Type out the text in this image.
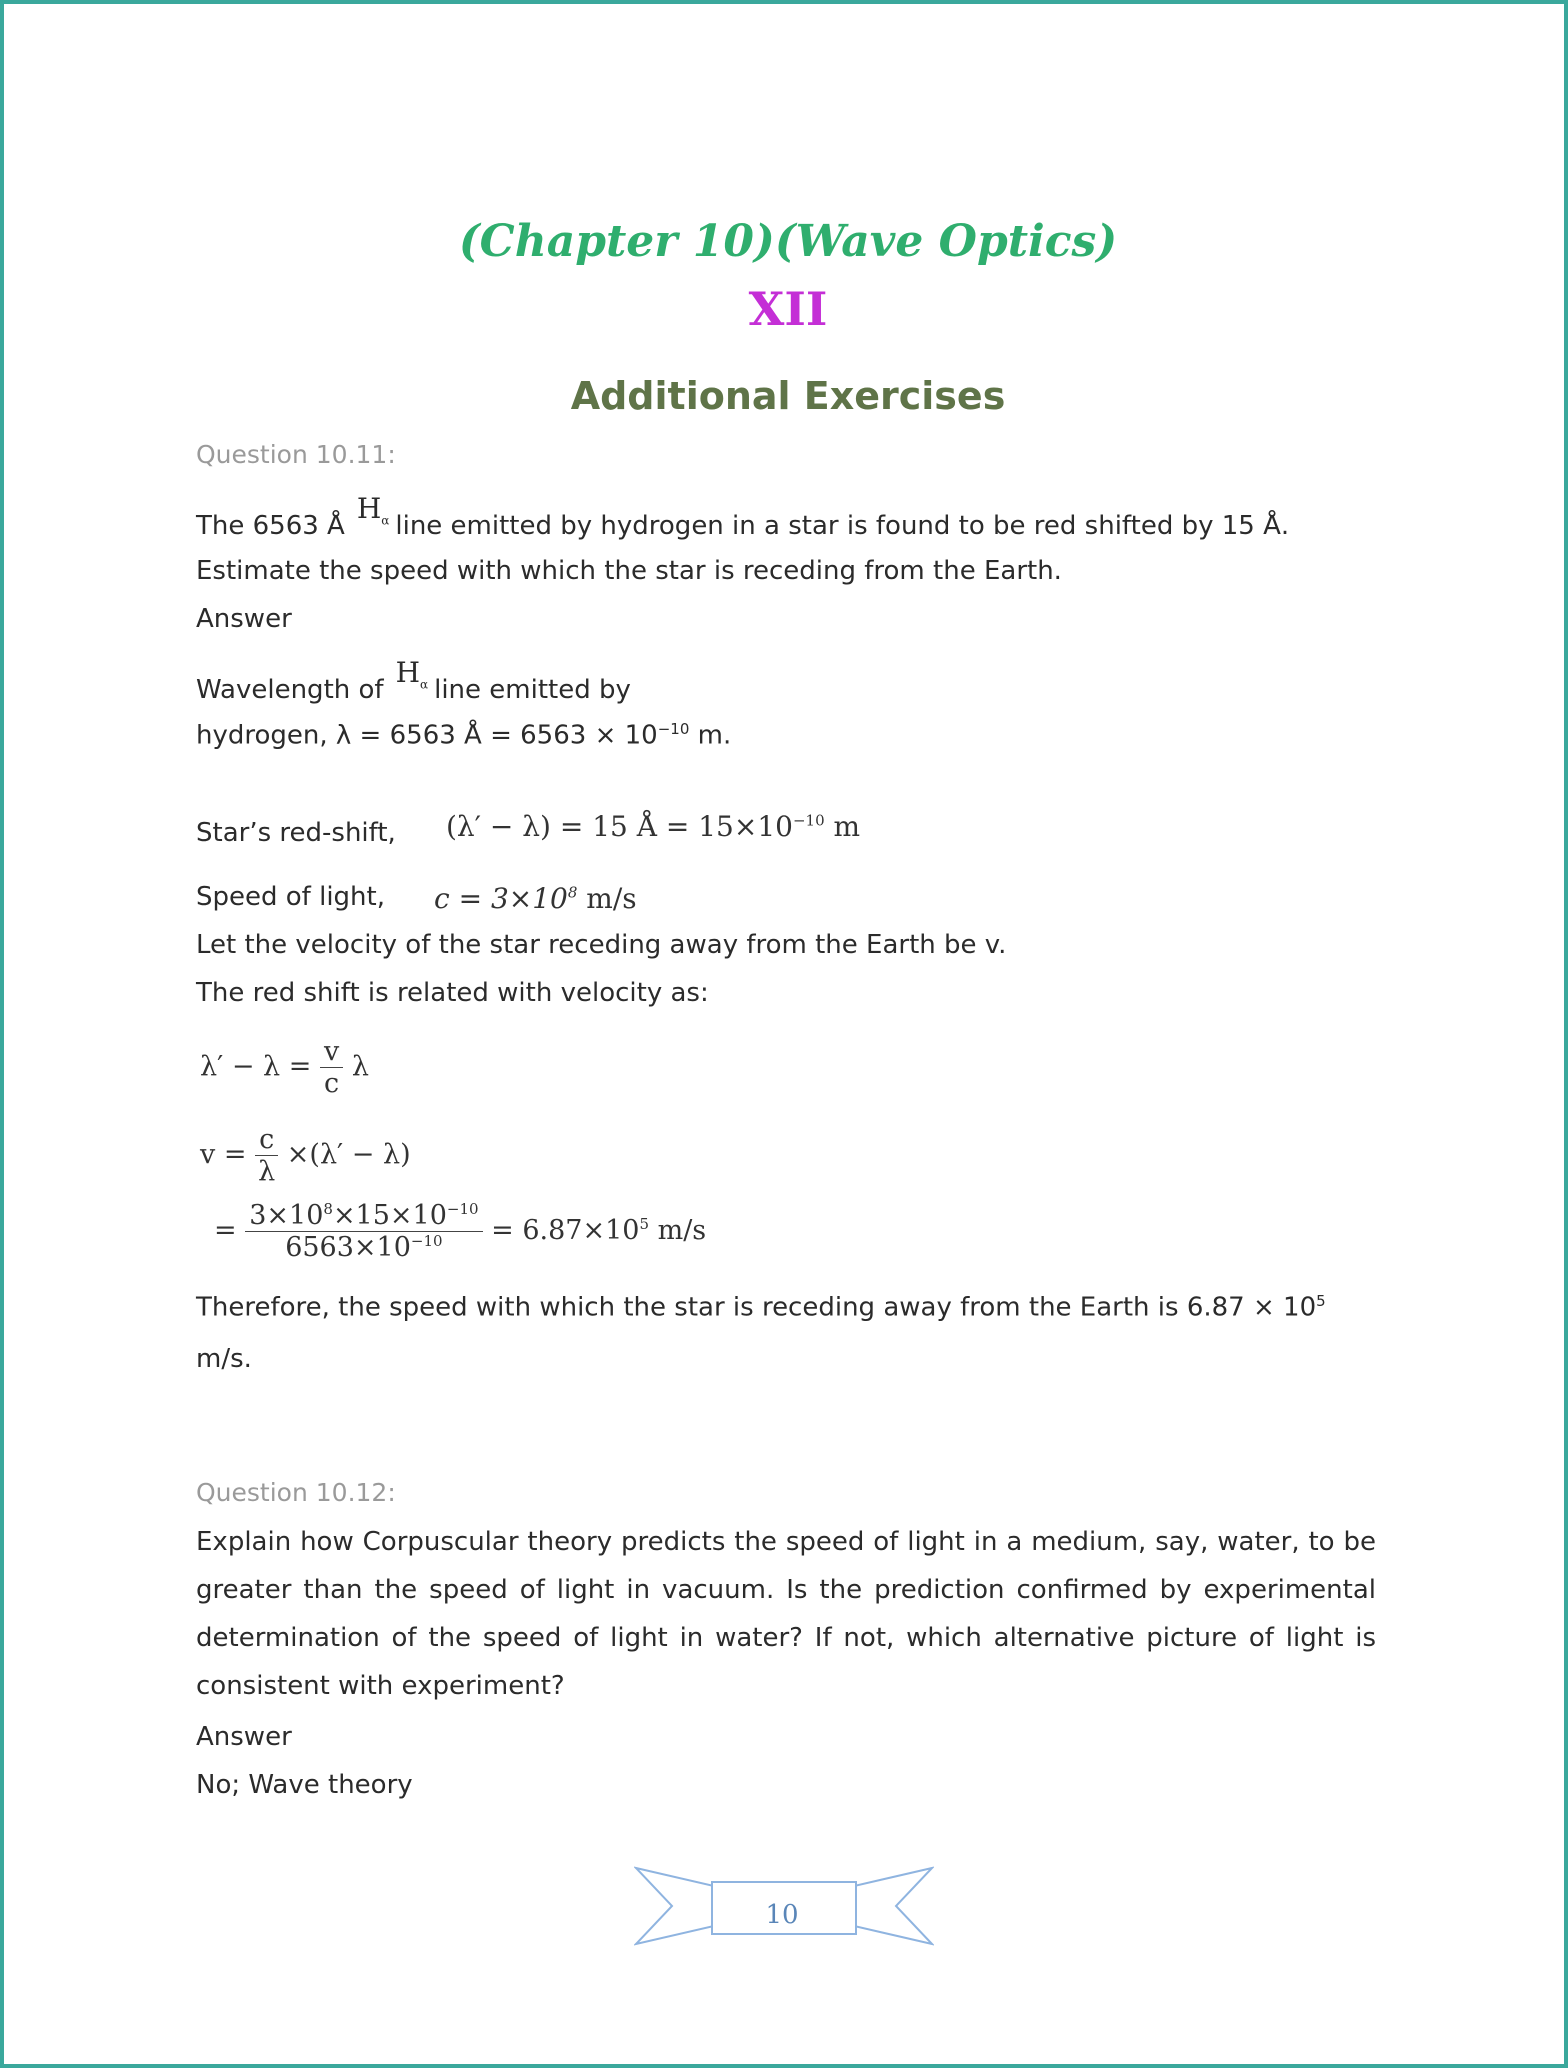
(Chapter 10)(Wave Optics)
XII
Additional Exercises
Question 10.11:
The 6563 $ÅH_\alpha$ line emitted by hydrogen in a star is found to be red shifted by 15 Å.
Estimate the speed with which the star is receding from the Earth.
Answer
Wavelength ofH$_\alpha$ line emitted by
hydrogen, λ = 6563 Å = $6563 \times 10^{-10}$ m.
Star’s red-shift, (λ′ − λ) = 15 Å = $15\times 10^{-10}$ m
Speed of light, $c = 3\times 10^8$ m/s
Let the velocity of the star receding away from the Earth be v.
The red shift is related with velocity as:
$\lambda' - \lambda = \frac{v}{c}$ λ
$v = \frac{c}{\lambda} \times(\lambda' - \lambda)$
= $\frac{3\times 10^8\times 15\times 10^{-10}}{6563\times 10^{-10}} = 6.87\times 10^5$ m/s
Therefore, the speed with which the star is receding away from the Earth is $6.87 \times 10^5$
m/s.
Question 10.12:
Explain how Corpuscular theory predicts the speed of light in a medium, say, water, to be greater than the speed of light in vacuum. Is the prediction confirmed by experimental determination of the speed of light in water? If not, which alternative picture of light is consistent with experiment?
Answer
No; Wave theory
10
